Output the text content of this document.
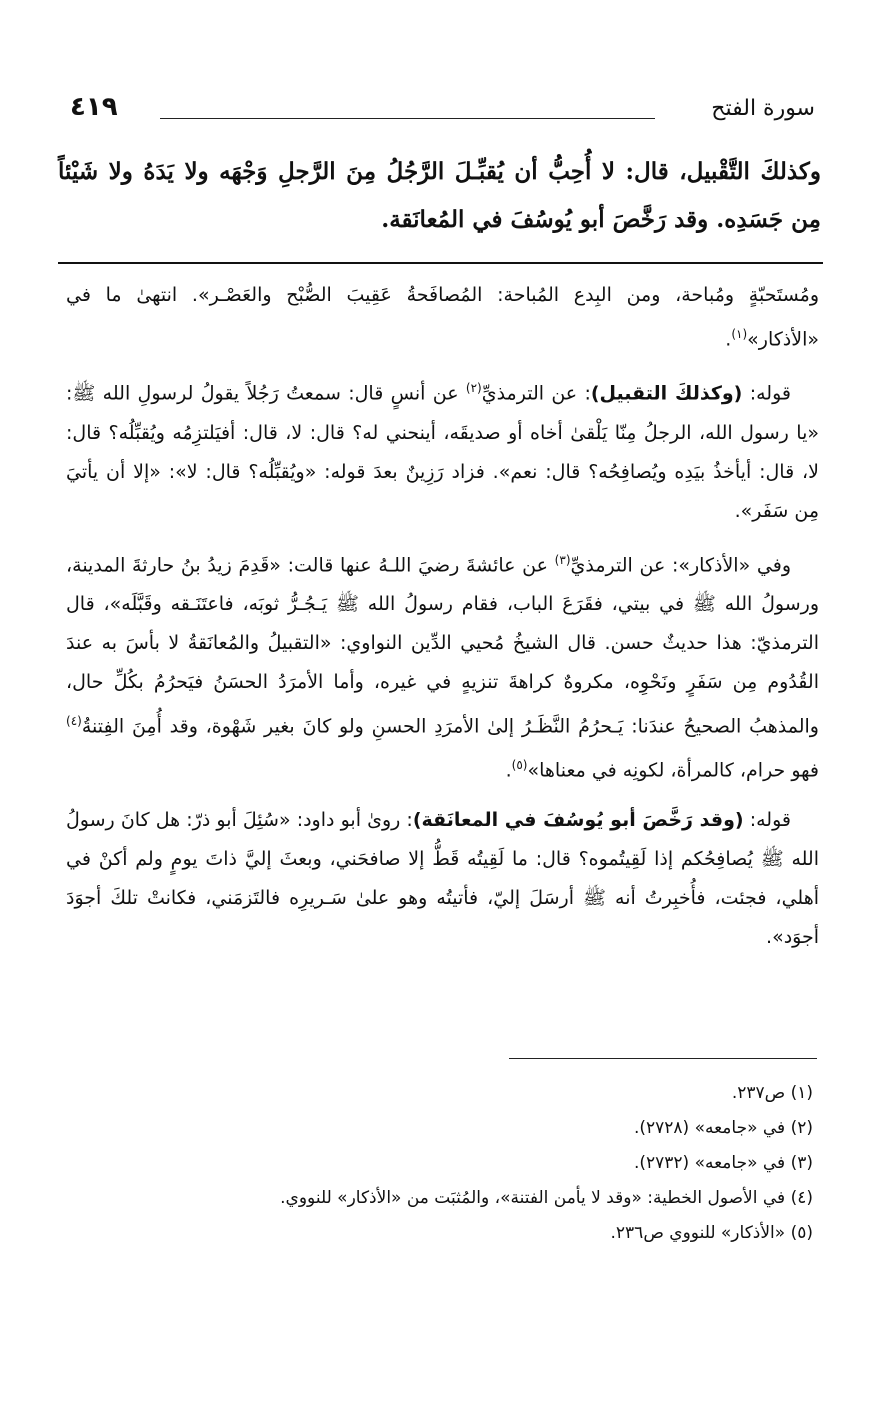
سورة الفتح
٤١٩
وكذلكَ التَّقْبيل، قال: لا أُحِبُّ أن يُقبِّـلَ الرَّجُلُ مِنَ الرَّجلِ وَجْهَه ولا يَدَهُ ولا شَيْئاً مِن جَسَدِه. وقد رَخَّصَ أبو يُوسُفَ في المُعانَقة.

ومُستَحبّةٍ ومُباحة، ومن البِدع المُباحة: المُصافَحةُ عَقِيبَ الصُّبْح والعَصْـر». انتهىٰ ما في «الأذكار»$^{(١)}$.

قوله: (وكذلكَ التقبيل): عن الترمذيِّ$^{(٢)}$ عن أنسٍ قال: سمعتُ رَجُلاً يقولُ لرسولِ الله ﷺ: «يا رسول الله، الرجلُ مِنّا يَلْقىٰ أخاه أو صديقَه، أينحني له؟ قال: لا، قال: أفيَلتزِمُه ويُقبِّلُه؟ قال: لا، قال: أيأخذُ بيَدِه ويُصافِحُه؟ قال: نعم». فزاد رَزِينٌ بعدَ قوله: «ويُقبِّلُه؟ قال: لا»: «إلا أن يأتيَ مِن سَفَر».

وفي «الأذكار»: عن الترمذيِّ$^{(٣)}$ عن عائشةَ رضيَ اللـهُ عنها قالت: «قَدِمَ زيدُ بنُ حارثةَ المدينة، ورسولُ الله ﷺ في بيتي، فقَرَعَ الباب، فقام رسولُ الله ﷺ يَـجُـرُّ ثوبَه، فاعتَنَـقه وقَبَّلَه»، قال الترمذيّ: هذا حديثٌ حسن. قال الشيخُ مُحيي الدِّين النواوي: «التقبيلُ والمُعانَقةُ لا بأسَ به عندَ القُدُوم مِن سَفَرٍ ونَحْوِه، مكروهٌ كراهةَ تنزيهٍ في غيره، وأما الأمرَدُ الحسَنُ فيَحرُمُ بكُلِّ حال، والمذهبُ الصحيحُ عندَنا: يَـحرُمُ النَّظَـرُ إلىٰ الأمرَدِ الحسنِ ولو كانَ بغير شَهْوة، وقد أُمِنَ الفِتنةُ$^{(٤)}$ فهو حرام، كالمرأة، لكونِه في معناها»$^{(٥)}$.

قوله: (وقد رَخَّصَ أبو يُوسُفَ في المعانَقة): روىٰ أبو داود: «سُئِلَ أبو ذرّ: هل كانَ رسولُ الله ﷺ يُصافِحُكم إذا لَقِيتُموه؟ قال: ما لَقِيتُه قَطُّ إلا صافحَني، وبعثَ إليَّ ذاتَ يومٍ ولم أكنْ في أهلي، فجئت، فأُخبِرتُ أنه ﷺ أرسَلَ إليّ، فأتيتُه وهو علىٰ سَـريرِه فالتَزمَني، فكانتْ تلكَ أجوَدَ أجوَد».

(١) ص٢٣٧.
(٢) في «جامعه» (٢٧٢٨).
(٣) في «جامعه» (٢٧٣٢).
(٤) في الأصول الخطية: «وقد لا يأمن الفتنة»، والمُثبَت من «الأذكار» للنووي.
(٥) «الأذكار» للنووي ص٢٣٦.
